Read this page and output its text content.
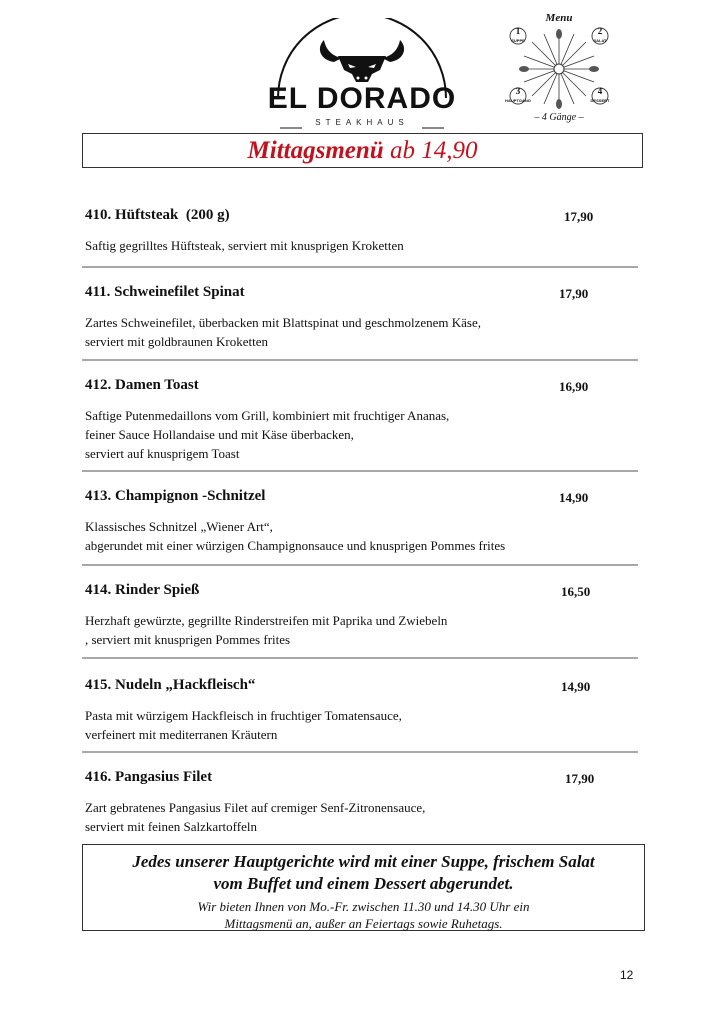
EL DORADO
STEAKHAUS
Menu
1
SUPPE
2
SALAT
3
HAUPTGANG
4
DESSERT
– 4 Gänge –
Mittagsmenü ab 14,90
410. Hüftsteak  (200 g)	17,90
Saftig gegrilltes Hüftsteak, serviert mit knusprigen Kroketten
411. Schweinefilet Spinat	17,90
Zartes Schweinefilet, überbacken mit Blattspinat und geschmolzenem Käse,
serviert mit goldbraunen Kroketten
412. Damen Toast	16,90
Saftige Putenmedaillons vom Grill, kombiniert mit fruchtiger Ananas,
feiner Sauce Hollandaise und mit Käse überbacken,
serviert auf knusprigem Toast
413. Champignon -Schnitzel	14,90
Klassisches Schnitzel „Wiener Art“,
abgerundet mit einer würzigen Champignonsauce und knusprigen Pommes frites
414. Rinder Spieß	16,50
Herzhaft gewürzte, gegrillte Rinderstreifen mit Paprika und Zwiebeln
, serviert mit knusprigen Pommes frites
415. Nudeln „Hackfleisch“	14,90
Pasta mit würzigem Hackfleisch in fruchtiger Tomatensauce,
verfeinert mit mediterranen Kräutern
416. Pangasius Filet	17,90
Zart gebratenes Pangasius Filet auf cremiger Senf-Zitronensauce,
serviert mit feinen Salzkartoffeln
Jedes unserer Hauptgerichte wird mit einer Suppe, frischem Salat
vom Buffet und einem Dessert abgerundet.
Wir bieten Ihnen von Mo.-Fr. zwischen 11.30 und 14.30 Uhr ein
Mittagsmenü an, außer an Feiertags sowie Ruhetags.
12
